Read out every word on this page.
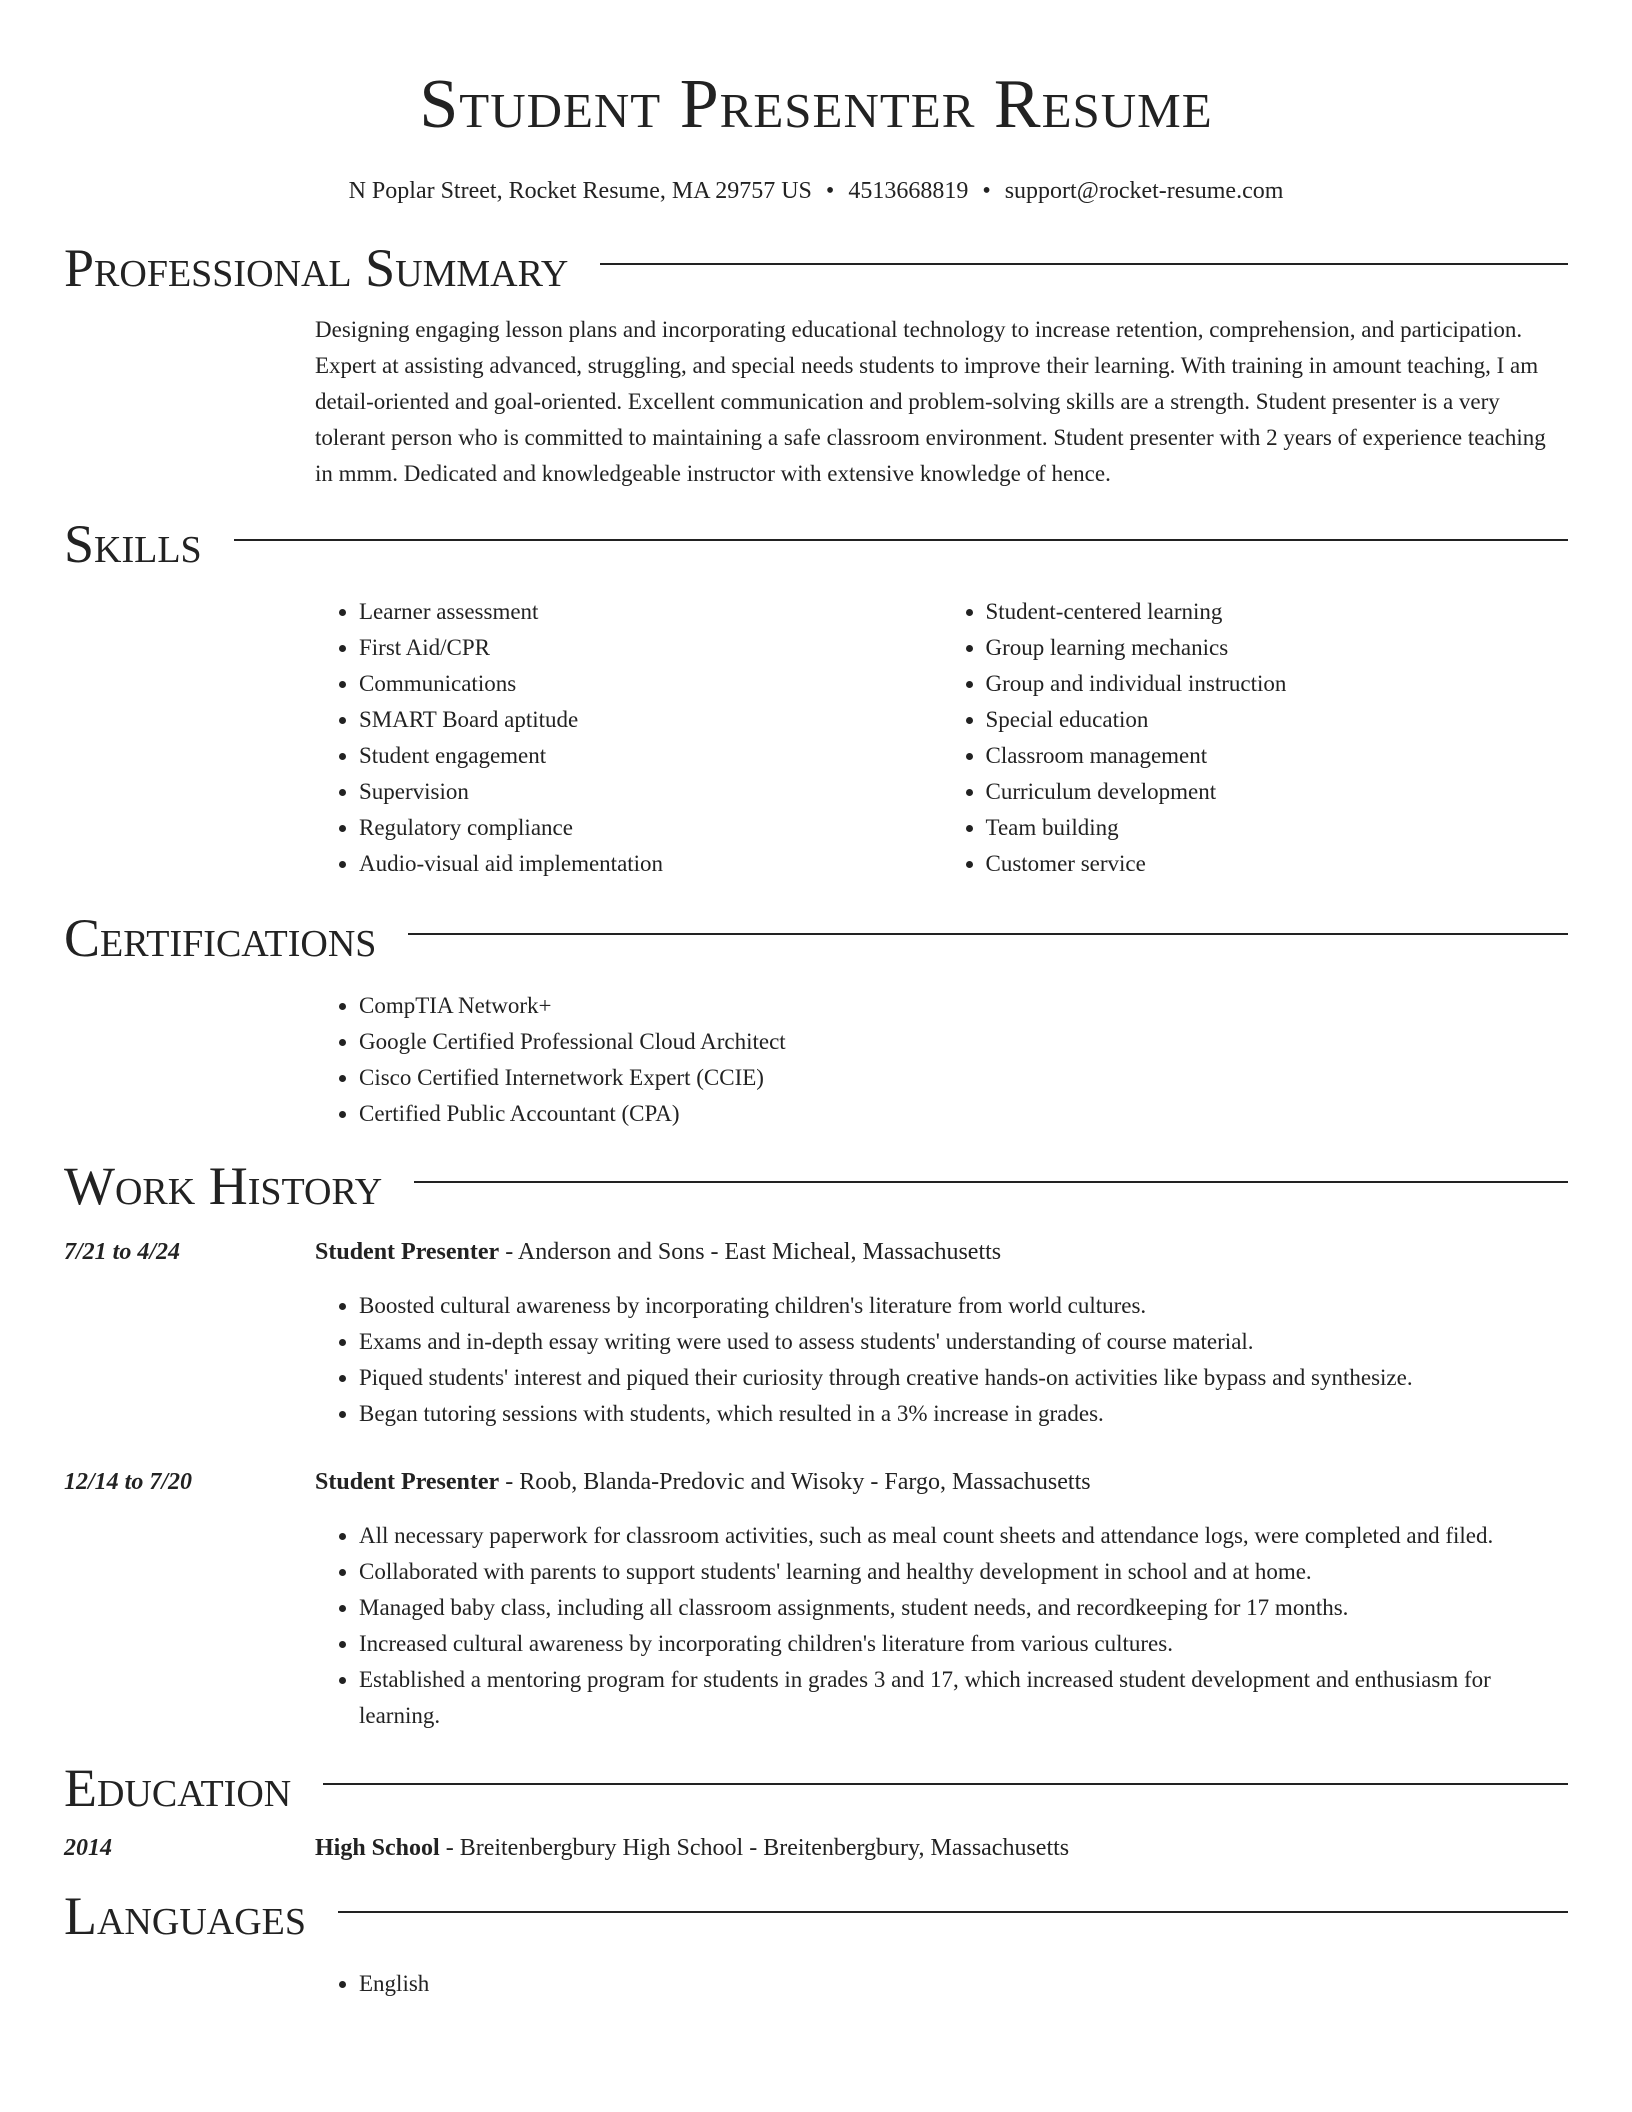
Student Presenter Resume
N Poplar Street, Rocket Resume, MA 29757 US • 4513668819 • support@rocket-resume.com
Professional Summary

Designing engaging lesson plans and incorporating educational technology to increase retention, comprehension, and participation. Expert at assisting advanced, struggling, and special needs students to improve their learning. With training in amount teaching, I am detail-oriented and goal-oriented. Excellent communication and problem-solving skills are a strength. Student presenter is a very tolerant person who is committed to maintaining a safe classroom environment. Student presenter with 2 years of experience teaching in mmm. Dedicated and knowledgeable instructor with extensive knowledge of hence.

Skills
• Learner assessment
• First Aid/CPR
• Communications
• SMART Board aptitude
• Student engagement
• Supervision
• Regulatory compliance
• Audio-visual aid implementation
• Student-centered learning
• Group learning mechanics
• Group and individual instruction
• Special education
• Classroom management
• Curriculum development
• Team building
• Customer service
Certifications
• CompTIA Network+
• Google Certified Professional Cloud Architect
• Cisco Certified Internetwork Expert (CCIE)
• Certified Public Accountant (CPA)
Work History
7/21 to 4/24	Student Presenter - Anderson and Sons - East Micheal, Massachusetts
• Boosted cultural awareness by incorporating children's literature from world cultures.
• Exams and in-depth essay writing were used to assess students' understanding of course material.
• Piqued students' interest and piqued their curiosity through creative hands-on activities like bypass and synthesize.
• Began tutoring sessions with students, which resulted in a 3% increase in grades.
12/14 to 7/20	Student Presenter - Roob, Blanda-Predovic and Wisoky - Fargo, Massachusetts
• All necessary paperwork for classroom activities, such as meal count sheets and attendance logs, were completed and filed.
• Collaborated with parents to support students' learning and healthy development in school and at home.
• Managed baby class, including all classroom assignments, student needs, and recordkeeping for 17 months.
• Increased cultural awareness by incorporating children's literature from various cultures.
• Established a mentoring program for students in grades 3 and 17, which increased student development and enthusiasm for learning.
Education
2014	High School - Breitenbergbury High School - Breitenbergbury, Massachusetts
Languages
• English
